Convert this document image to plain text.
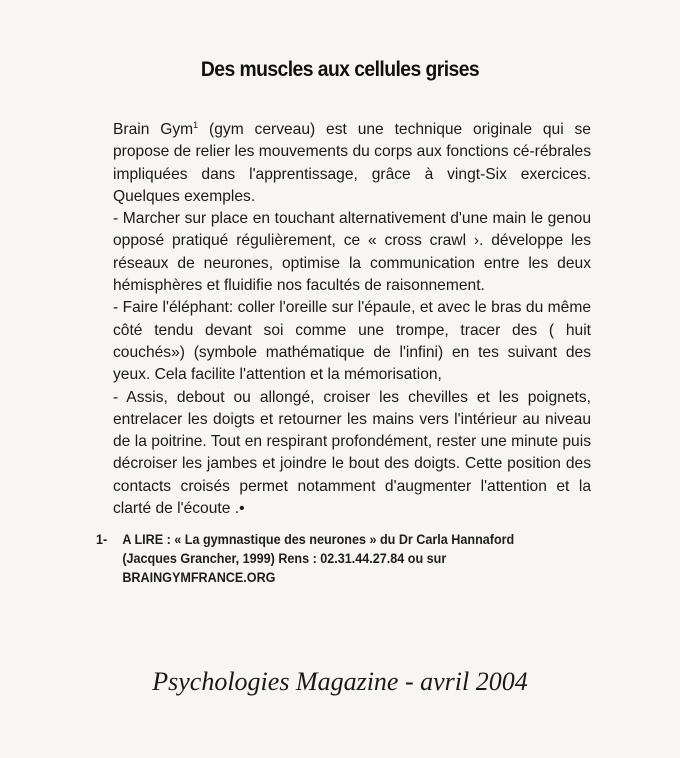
Des muscles aux cellules grises

Brain Gym$^1$ (gym cerveau) est une technique originale qui se propose de relier les mouvements du corps aux fonctions cé-rébrales impliquées dans l'apprentissage, grâce à vingt-Six exercices. Quelques exemples.

- Marcher sur place en touchant alternativement d'une main le genou opposé pratiqué régulièrement, ce « cross crawl ›. développe les réseaux de neurones, optimise la communication entre les deux hémisphères et fluidifie nos facultés de raisonnement.

- Faire l'éléphant: coller l'oreille sur l'épaule, et avec le bras du même côté tendu devant soi comme une trompe, tracer des ( huit couchés») (symbole mathématique de l'infini) en tes suivant des yeux. Cela facilite l'attention et la mémorisation,

- Assis, debout ou allongé, croiser les chevilles et les poignets, entrelacer les doigts et retourner les mains vers l'intérieur au niveau de la poitrine. Tout en respirant profondément, rester une minute puis décroiser les jambes et joindre le bout des doigts. Cette position des contacts croisés permet notamment d'augmenter l'attention et la clarté de l'écoute .•

1- A LIRE : « La gymnastique des neurones » du Dr Carla Hannaford
(Jacques Grancher, 1999) Rens : 02.31.44.27.84 ou sur
BRAINGYMFRANCE.ORG
Psychologies Magazine - avril 2004
